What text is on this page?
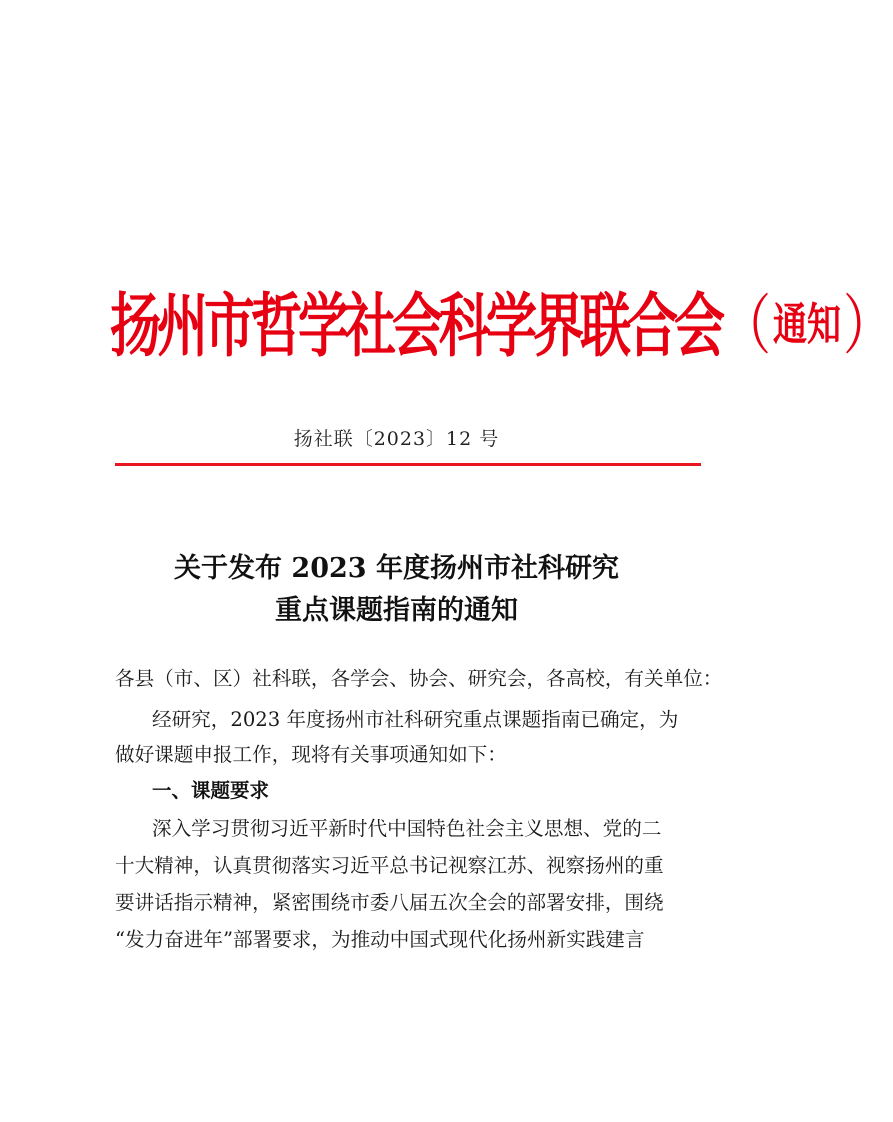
扬州市哲学社会科学界联合会 （ 通知 ）
扬社联〔2023〕12 号
关于发布 2023 年度扬州市社科研究
重点课题指南的通知
各县（市、区）社科联，各学会、协会、研究会，各高校，有关单位：
经研究，2023 年度扬州市社科研究重点课题指南已确定，为
做好课题申报工作，现将有关事项通知如下：
一、课题要求
深入学习贯彻习近平新时代中国特色社会主义思想、党的二
十大精神，认真贯彻落实习近平总书记视察江苏、视察扬州的重
要讲话指示精神，紧密围绕市委八届五次全会的部署安排，围绕
“发力奋进年”部署要求，为推动中国式现代化扬州新实践建言
